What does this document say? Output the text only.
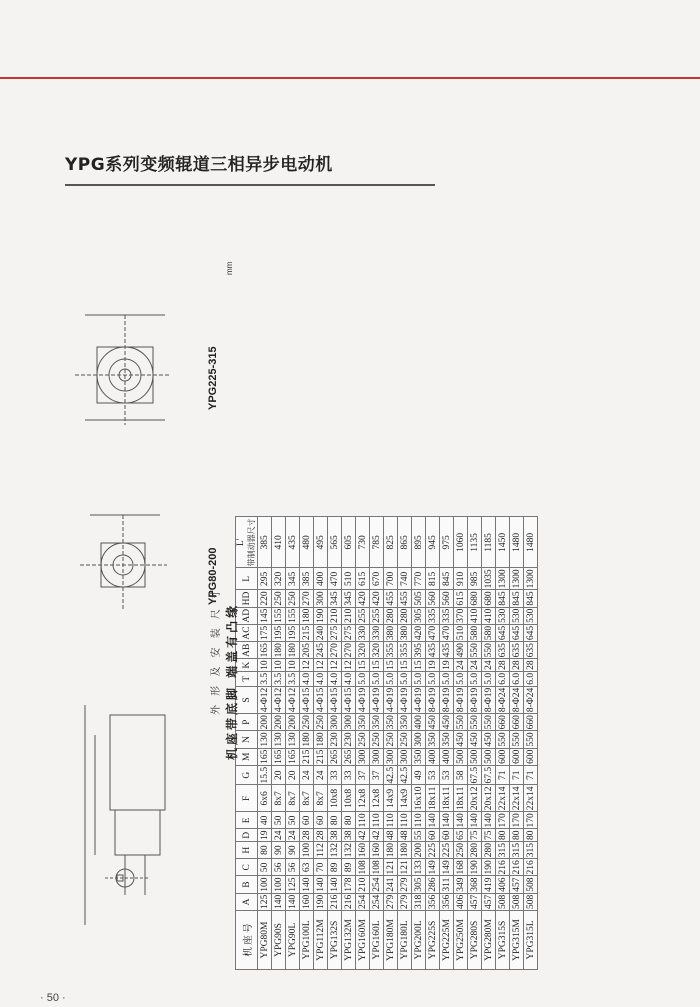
YPG系列变频辊道三相异步电动机
机 座 号	A	B	C	H	D	E	F	G	M	N	P	S	T	K	AB	AC	AD	HD	L	L' 带制动器尺寸

YPG80M	125	100	50	80	19	40	6x6	15.5	165	130	200	4-Φ12	3.5	10	165	175	145	220	295	385
YPG90S	140	100	56	90	24	50	8x7	20	165	130	200	4-Φ12	3.5	10	180	195	155	250	320	410
YPG90L	140	125	56	90	24	50	8x7	20	165	130	200	4-Φ12	3.5	10	180	195	155	250	345	435
YPG100L	160	140	63	100	28	60	8x7	24	215	180	250	4-Φ15	4.0	12	205	215	180	270	385	480
YPG112M	190	140	70	112	28	60	8x7	24	215	180	250	4-Φ15	4.0	12	245	240	190	300	400	495
YPG132S	216	140	89	132	38	80	10x8	33	265	230	300	4-Φ15	4.0	12	270	275	210	345	470	565
YPG132M	216	178	89	132	38	80	10x8	33	265	230	300	4-Φ15	4.0	12	270	275	210	345	510	605
YPG160M	254	210	108	160	42	110	12x8	37	300	250	350	4-Φ19	5.0	15	320	330	255	420	615	730
YPG160L	254	254	108	160	42	110	12x8	37	300	250	350	4-Φ19	5.0	15	320	330	255	420	670	785
YPG180M	279	241	121	180	48	110	14x9	42.5	300	250	350	4-Φ19	5.0	15	355	380	280	455	700	825
YPG180L	279	279	121	180	48	110	14x9	42.5	300	250	350	4-Φ19	5.0	15	355	380	280	455	740	865
YPG200L	318	305	133	200	55	110	16x10	49	350	300	400	4-Φ19	5.0	15	395	420	305	505	770	895
YPG225S	356	286	149	225	60	140	18x11	53	400	350	450	8-Φ19	5.0	19	435	470	335	560	815	945
YPG225M	356	311	149	225	60	140	18x11	53	400	350	450	8-Φ19	5.0	19	435	470	335	560	845	975
YPG250M	406	349	168	250	65	140	18x11	58	500	450	550	8-Φ19	5.0	24	490	510	370	615	910	1060
YPG280S	457	368	190	280	75	140	20x12	67.5	500	450	550	8-Φ19	5.0	24	550	580	410	680	985	1135
YPG280M	457	419	190	280	75	140	20x12	67.5	500	450	550	8-Φ19	5.0	24	550	580	410	680	1035	1185
YPG315S	508	406	216	315	80	170	22x14	71	600	550	660	8-Φ24	6.0	28	635	645	530	845	1300	1450
YPG315M	508	457	216	315	80	170	22x14	71	600	550	660	8-Φ24	6.0	28	635	645	530	845	1300	1480
YPG315L	508	508	216	315	80	170	22x14	71	600	550	660	8-Φ24	6.0	28	635	645	530	845	1300	1480
机座带底脚 端盖有凸缘
外 形 及 安 装 尺 寸
mm
YPG225-315
YPG80-200
· 50 ·
